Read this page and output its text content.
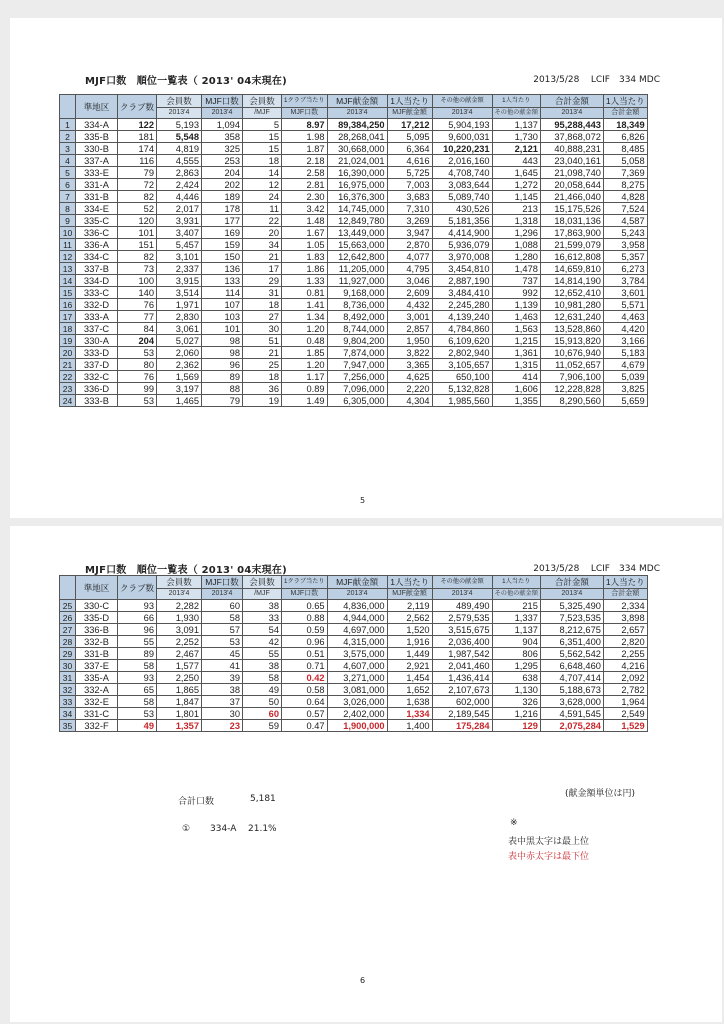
MJF口数　順位一覧表（ 2013' 04末現在)	2013/5/28 LCIF　334 MDC
	準地区	クラブ数	会員数	MJF口数	会員数	1クラブ当たり	MJF献金額	1人当たり	その他の献金額	1人当たり	合計金額	1人当たり
			2013'4	2013'4	/MJF	MJF口数	2013'4	MJF献金額	2013'4	その他の献金額	2013'4	合計金額
1	334-A	122	5,193	1,094	5	8.97	89,384,250	17,212	5,904,193	1,137	95,288,443	18,349
2	335-B	181	5,548	358	15	1.98	28,268,041	5,095	9,600,031	1,730	37,868,072	6,826
3	330-B	174	4,819	325	15	1.87	30,668,000	6,364	10,220,231	2,121	40,888,231	8,485
4	337-A	116	4,555	253	18	2.18	21,024,001	4,616	2,016,160	443	23,040,161	5,058
5	333-E	79	2,863	204	14	2.58	16,390,000	5,725	4,708,740	1,645	21,098,740	7,369
6	331-A	72	2,424	202	12	2.81	16,975,000	7,003	3,083,644	1,272	20,058,644	8,275
7	331-B	82	4,446	189	24	2.30	16,376,300	3,683	5,089,740	1,145	21,466,040	4,828
8	334-E	52	2,017	178	11	3.42	14,745,000	7,310	430,526	213	15,175,526	7,524
9	335-C	120	3,931	177	22	1.48	12,849,780	3,269	5,181,356	1,318	18,031,136	4,587
10	336-C	101	3,407	169	20	1.67	13,449,000	3,947	4,414,900	1,296	17,863,900	5,243
11	336-A	151	5,457	159	34	1.05	15,663,000	2,870	5,936,079	1,088	21,599,079	3,958
12	334-C	82	3,101	150	21	1.83	12,642,800	4,077	3,970,008	1,280	16,612,808	5,357
13	337-B	73	2,337	136	17	1.86	11,205,000	4,795	3,454,810	1,478	14,659,810	6,273
14	334-D	100	3,915	133	29	1.33	11,927,000	3,046	2,887,190	737	14,814,190	3,784
15	333-C	140	3,514	114	31	0.81	9,168,000	2,609	3,484,410	992	12,652,410	3,601
16	332-D	76	1,971	107	18	1.41	8,736,000	4,432	2,245,280	1,139	10,981,280	5,571
17	333-A	77	2,830	103	27	1.34	8,492,000	3,001	4,139,240	1,463	12,631,240	4,463
18	337-C	84	3,061	101	30	1.20	8,744,000	2,857	4,784,860	1,563	13,528,860	4,420
19	330-A	204	5,027	98	51	0.48	9,804,200	1,950	6,109,620	1,215	15,913,820	3,166
20	333-D	53	2,060	98	21	1.85	7,874,000	3,822	2,802,940	1,361	10,676,940	5,183
21	337-D	80	2,362	96	25	1.20	7,947,000	3,365	3,105,657	1,315	11,052,657	4,679
22	332-C	76	1,569	89	18	1.17	7,256,000	4,625	650,100	414	7,906,100	5,039
23	336-D	99	3,197	88	36	0.89	7,096,000	2,220	5,132,828	1,606	12,228,828	3,825
24	333-B	53	1,465	79	19	1.49	6,305,000	4,304	1,985,560	1,355	8,290,560	5,659
5
MJF口数　順位一覧表（ 2013' 04末現在)	2013/5/28 LCIF　334 MDC
	準地区	クラブ数	会員数	MJF口数	会員数	1クラブ当たり	MJF献金額	1人当たり	その他の献金額	1人当たり	合計金額	1人当たり
			2013'4	2013'4	/MJF	MJF口数	2013'4	MJF献金額	2013'4	その他の献金額	2013'4	合計金額
25	330-C	93	2,282	60	38	0.65	4,836,000	2,119	489,490	215	5,325,490	2,334
26	335-D	66	1,930	58	33	0.88	4,944,000	2,562	2,579,535	1,337	7,523,535	3,898
27	336-B	96	3,091	57	54	0.59	4,697,000	1,520	3,515,675	1,137	8,212,675	2,657
28	332-B	55	2,252	53	42	0.96	4,315,000	1,916	2,036,400	904	6,351,400	2,820
29	331-B	89	2,467	45	55	0.51	3,575,000	1,449	1,987,542	806	5,562,542	2,255
30	337-E	58	1,577	41	38	0.71	4,607,000	2,921	2,041,460	1,295	6,648,460	4,216
31	335-A	93	2,250	39	58	0.42	3,271,000	1,454	1,436,414	638	4,707,414	2,092
32	332-A	65	1,865	38	49	0.58	3,081,000	1,652	2,107,673	1,130	5,188,673	2,782
33	332-E	58	1,847	37	50	0.64	3,026,000	1,638	602,000	326	3,628,000	1,964
34	331-C	53	1,801	30	60	0.57	2,402,000	1,334	2,189,545	1,216	4,591,545	2,549
35	332-F	49	1,357	23	59	0.47	1,900,000	1,400	175,284	129	2,075,284	1,529
合計口数	5,181	(献金額単位は円)
① 334-A 21.1%
※
表中黒太字は最上位
表中赤太字は最下位
6
